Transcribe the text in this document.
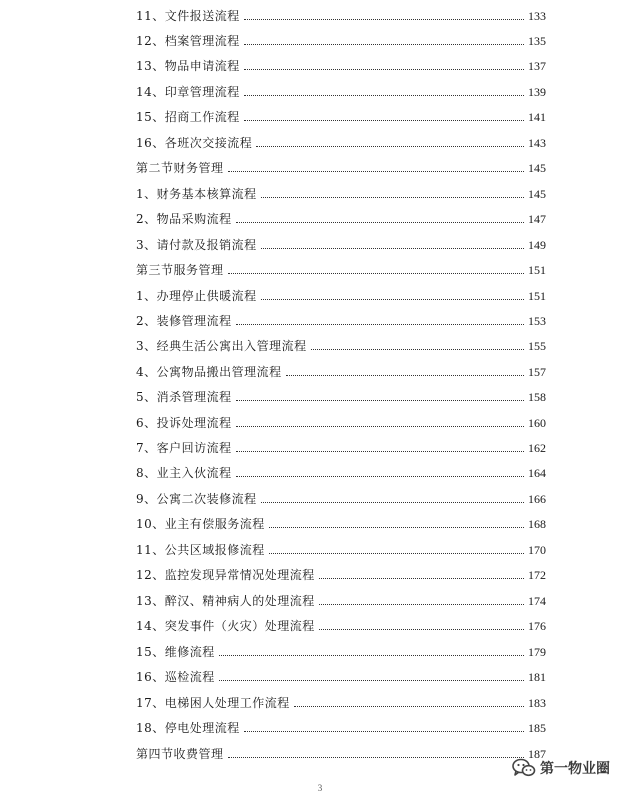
11、文件报送流程	133
12、档案管理流程	135
13、物品申请流程	137
14、印章管理流程	139
15、招商工作流程	141
16、各班次交接流程	143
第二节财务管理	145
1、财务基本核算流程	145
2、物品采购流程	147
3、请付款及报销流程	149
第三节服务管理	151
1、办理停止供暖流程	151
2、装修管理流程	153
3、经典生活公寓出入管理流程	155
4、公寓物品搬出管理流程	157
5、消杀管理流程	158
6、投诉处理流程	160
7、客户回访流程	162
8、业主入伙流程	164
9、公寓二次装修流程	166
10、业主有偿服务流程	168
11、公共区域报修流程	170
12、监控发现异常情况处理流程	172
13、醉汉、精神病人的处理流程	174
14、突发事件（火灾）处理流程	176
15、维修流程	179
16、巡检流程	181
17、电梯困人处理工作流程	183
18、停电处理流程	185
第四节收费管理	187
第一物业圈
3
